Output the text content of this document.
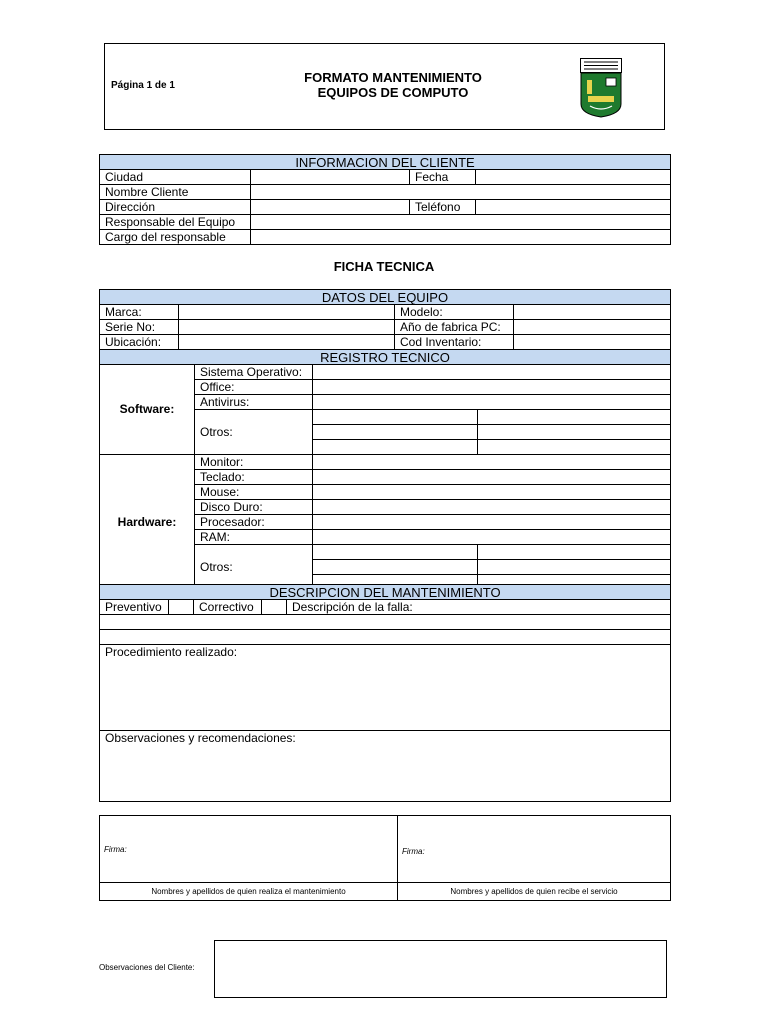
Página 1 de 1
FORMATO MANTENIMIENTO
EQUIPOS DE COMPUTO
INFORMACION DEL CLIENTE			
Ciudad		Fecha	
Nombre Cliente			
Dirección		Teléfono	
Responsable del Equipo			
Cargo del responsable			
FICHA TECNICA
DATOS DEL EQUIPO			
Marca:		Modelo:	
Serie No:		Año de fabrica PC:	
Ubicación:		Cod Inventario:	
REGISTRO TECNICO			
Software:	Sistema Operativo:		
	Office:		
	Antivirus:		
	Otros:		

Hardware:	Monitor:		
	Teclado:		
	Mouse:		
	Disco Duro:		
	Procesador:		
	RAM:		
	Otros:		

DESCRIPCION DEL MANTENIMIENTO
Preventivo		Correctivo		Descripción de la falla:

Procedimiento realizado:
Observaciones y recomendaciones:
Firma:	Firma:
Nombres y apellidos de quien realiza el mantenimiento	Nombres y apellidos de quien recibe el servicio
Observaciones del Cliente:
